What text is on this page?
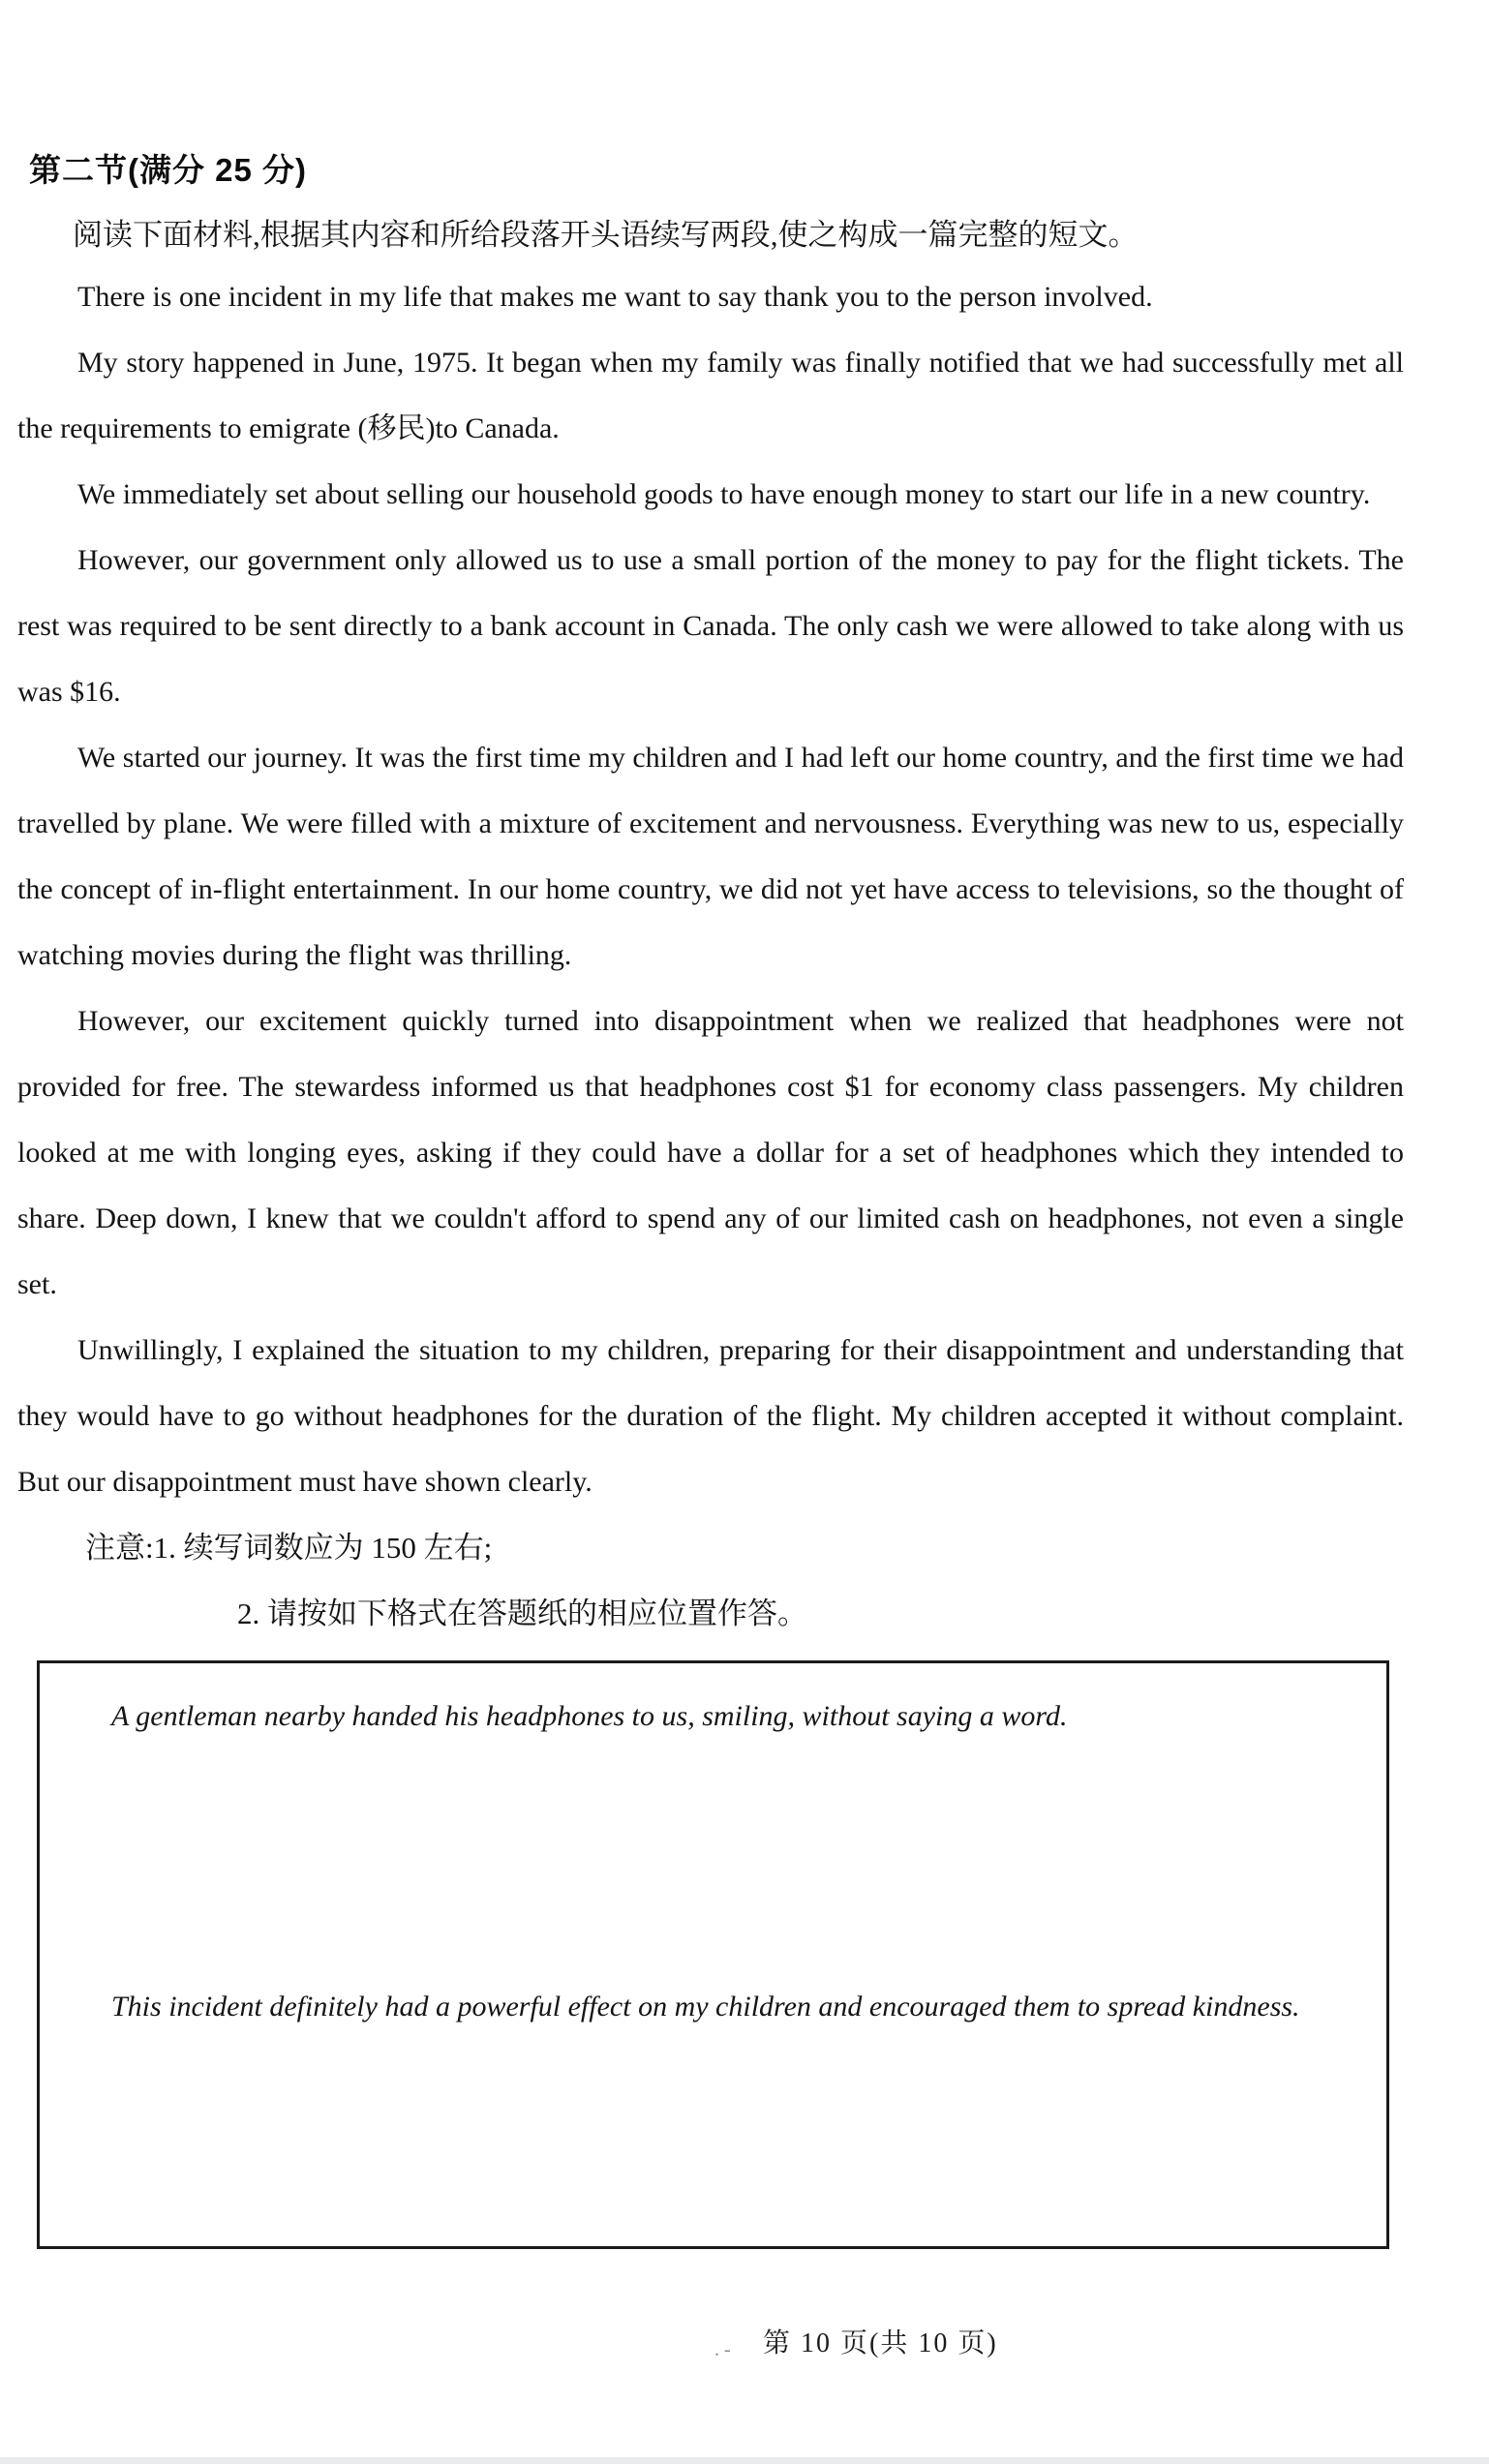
第二节(满分 25 分)

阅读下面材料,根据其内容和所给段落开头语续写两段,使之构成一篇完整的短文。

There is one incident in my life that makes me want to say thank you to the person involved.

My story happened in June, 1975. It began when my family was finally notified that we had successfully met all the requirements to emigrate (移民)to Canada.

We immediately set about selling our household goods to have enough money to start our life in a new country.

However, our government only allowed us to use a small portion of the money to pay for the flight tickets. The rest was required to be sent directly to a bank account in Canada. The only cash we were allowed to take along with us was $16.

We started our journey. It was the first time my children and I had left our home country, and the first time we had travelled by plane. We were filled with a mixture of excitement and nervousness. Everything was new to us, especially the concept of in-flight entertainment. In our home country, we did not yet have access to televisions, so the thought of watching movies during the flight was thrilling.

However, our excitement quickly turned into disappointment when we realized that headphones were not provided for free. The stewardess informed us that headphones cost $1 for economy class passengers. My children looked at me with longing eyes, asking if they could have a dollar for a set of headphones which they intended to share. Deep down, I knew that we couldn't afford to spend any of our limited cash on headphones, not even a single set.

Unwillingly, I explained the situation to my children, preparing for their disappointment and understanding that they would have to go without headphones for the duration of the flight. My children accepted it without complaint. But our disappointment must have shown clearly.

注意:1. 续写词数应为 150 左右;

2. 请按如下格式在答题纸的相应位置作答。

A gentleman nearby handed his headphones to us, smiling, without saying a word.

This incident definitely had a powerful effect on my children and encouraged them to spread kindness.

. - 第 10 页(共 10 页)
